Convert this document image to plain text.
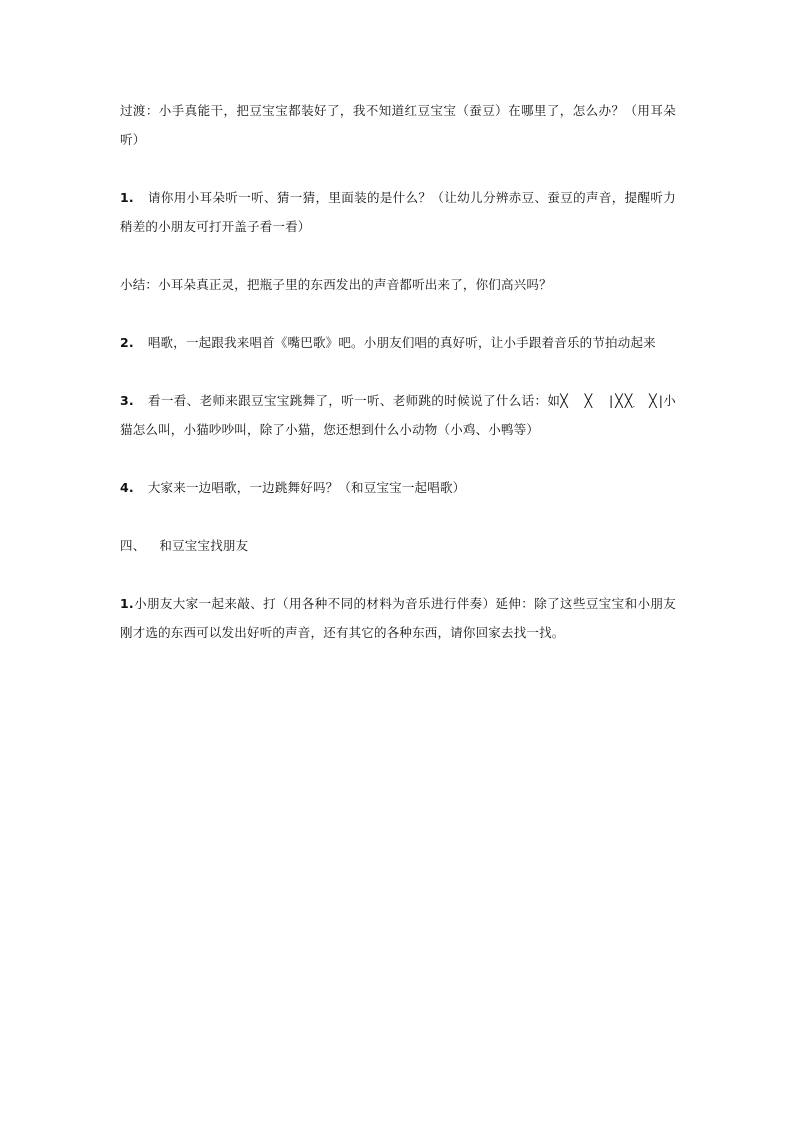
过渡：小手真能干，把豆宝宝都装好了，我不知道红豆宝宝（蚕豆）在哪里了，怎么办？（用耳朵听）

1. 请你用小耳朵听一听、猜一猜，里面装的是什么？（让幼儿分辨赤豆、蚕豆的声音，提醒听力稍差的小朋友可打开盖子看一看）

小结：小耳朵真正灵，把瓶子里的东西发出的声音都听出来了，你们高兴吗？

2. 唱歌，一起跟我来唱首《嘴巴歌》吧。小朋友们唱的真好听，让小手跟着音乐的节拍动起来

3. 看一看、老师来跟豆宝宝跳舞了，听一听、老师跳的时候说了什么话：如╳　╳　|╳╳　╳|小猫怎么叫，小猫吵吵叫，除了小猫，您还想到什么小动物（小鸡、小鸭等）

4. 大家来一边唱歌，一边跳舞好吗？（和豆宝宝一起唱歌）

四、 和豆宝宝找朋友

1.小朋友大家一起来敲、打（用各种不同的材料为音乐进行伴奏）延伸：除了这些豆宝宝和小朋友刚才选的东西可以发出好听的声音，还有其它的各种东西，请你回家去找一找。
